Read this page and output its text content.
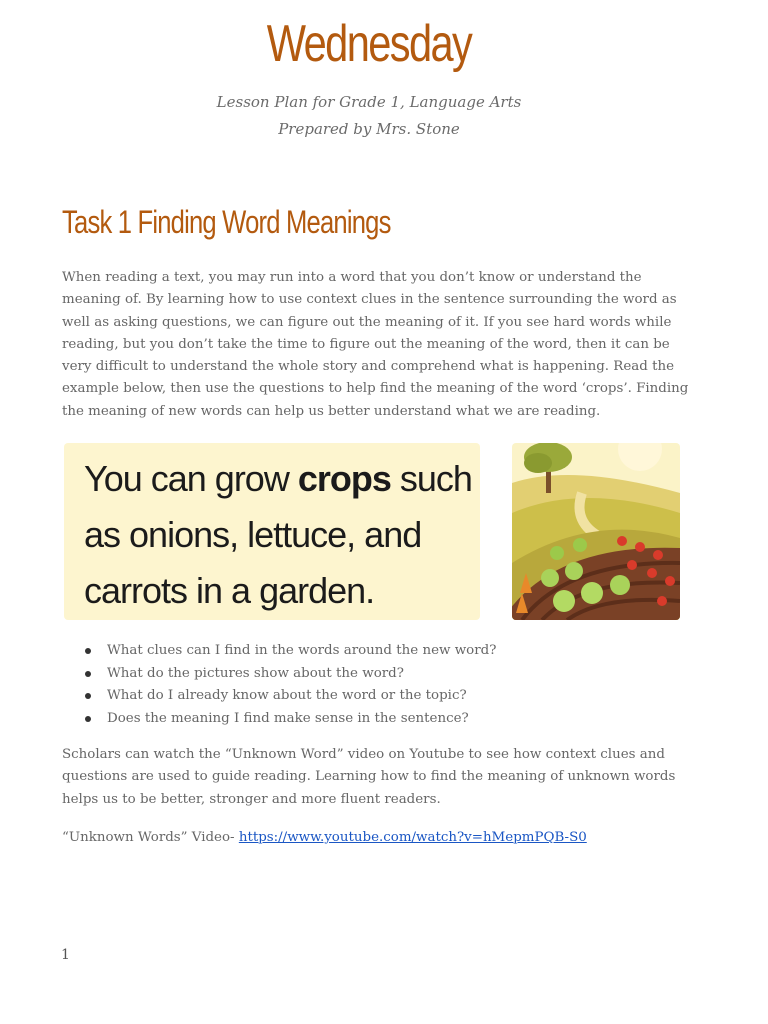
Wednesday
Lesson Plan for Grade 1, Language Arts
Prepared by Mrs. Stone
Task 1 Finding Word Meanings
When reading a text, you may run into a word that you don’t know or understand the meaning of. By learning how to use context clues in the sentence surrounding the word as well as asking questions, we can figure out the meaning of it. If you see hard words while reading, but you don’t take the time to figure out the meaning of the word, then it can be very difficult to understand the whole story and comprehend what is happening. Read the example below, then use the questions to help find the meaning of the word ‘crops’. Finding the meaning of new words can help us better understand what we are reading.
You can grow crops such as onions, lettuce, and carrots in a garden.
What clues can I find in the words around the new word?
What do the pictures show about the word?
What do I already know about the word or the topic?
Does the meaning I find make sense in the sentence?
Scholars can watch the “Unknown Word” video on Youtube to see how context clues and questions are used to guide reading. Learning how to find the meaning of unknown words helps us to be better, stronger and more fluent readers.
“Unknown Words” Video- https://www.youtube.com/watch?v=hMepmPQB-S0
1
